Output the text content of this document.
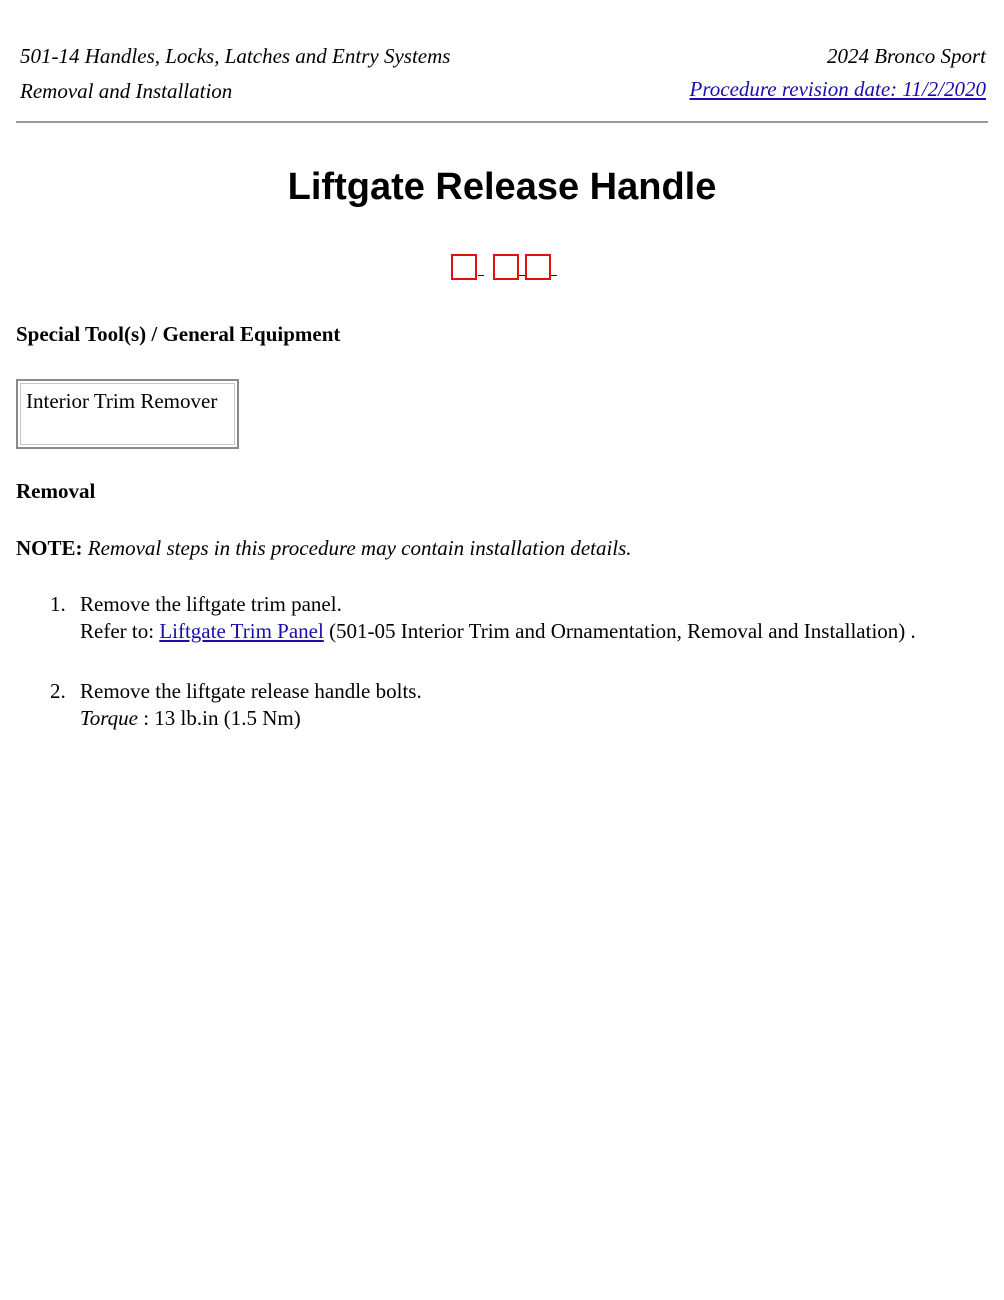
501-14 Handles, Locks, Latches and Entry Systems
Removal and Installation
2024 Bronco Sport
Procedure revision date: 11/2/2020
Liftgate Release Handle
Special Tool(s) / General Equipment
Interior Trim Remover
Removal
NOTE: Removal steps in this procedure may contain installation details.
1. Remove the liftgate trim panel.
Refer to: Liftgate Trim Panel (501-05 Interior Trim and Ornamentation, Removal and Installation) .
2. Remove the liftgate release handle bolts.
Torque : 13 lb.in (1.5 Nm)
